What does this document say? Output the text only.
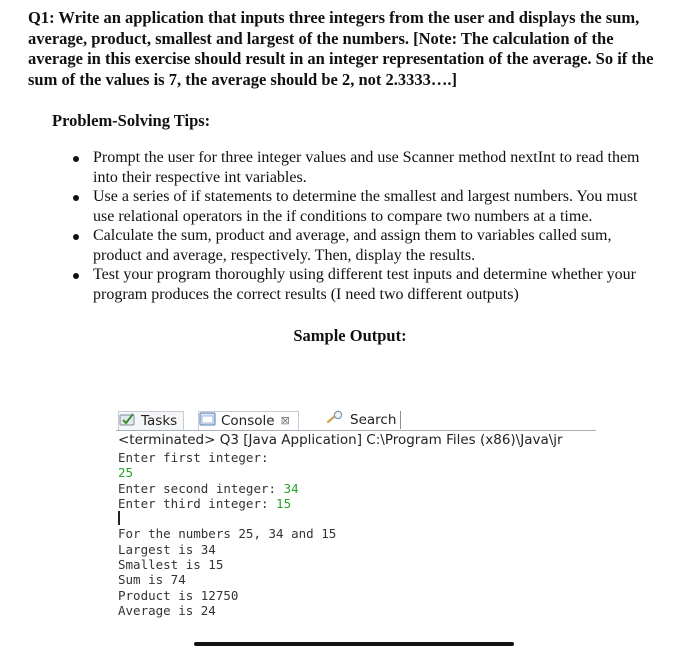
Q1: Write an application that inputs three integers from the user and displays the sum,
average, product, smallest and largest of the numbers. [Note: The calculation of the
average in this exercise should result in an integer representation of the average. So if the
sum of the values is 7, the average should be 2, not 2.3333….]
Problem-Solving Tips:
Prompt the user for three integer values and use Scanner method nextInt to read them
into their respective int variables.
Use a series of if statements to determine the smallest and largest numbers. You must
use relational operators in the if conditions to compare two numbers at a time.
Calculate the sum, product and average, and assign them to variables called sum,
product and average, respectively. Then, display the results.
Test your program thoroughly using different test inputs and determine whether your
program produces the correct results (I need two different outputs)
Sample Output:
Tasks	Console ⊠	Search
<terminated> Q3 [Java Application] C:\Program Files (x86)\Java\jr
Enter first integer:
25
Enter second integer: 34
Enter third integer: 15
For the numbers 25, 34 and 15
Largest is 34
Smallest is 15
Sum is 74
Product is 12750
Average is 24
